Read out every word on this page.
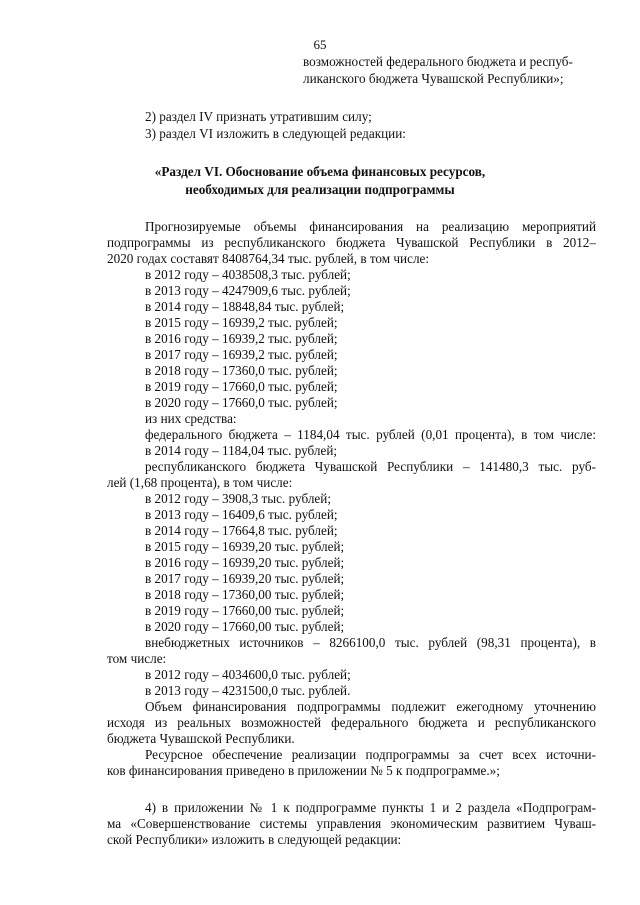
65
возможностей федерального бюджета и респуб-
ликанского бюджета Чувашской Республики»;
2) раздел IV признать утратившим силу;
3) раздел VI изложить в следующей редакции:
«Раздел VI. Обоснование объема финансовых ресурсов,
необходимых для реализации подпрограммы
Прогнозируемые объемы финансирования на реализацию мероприятий
подпрограммы из республиканского бюджета Чувашской Республики в 2012–
2020 годах составят 8408764,34 тыс. рублей, в том числе:
в 2012 году – 4038508,3 тыс. рублей;
в 2013 году – 4247909,6 тыс. рублей;
в 2014 году – 18848,84 тыс. рублей;
в 2015 году – 16939,2 тыс. рублей;
в 2016 году – 16939,2 тыс. рублей;
в 2017 году – 16939,2 тыс. рублей;
в 2018 году – 17360,0 тыс. рублей;
в 2019 году – 17660,0 тыс. рублей;
в 2020 году – 17660,0 тыс. рублей;
из них средства:
федерального бюджета – 1184,04 тыс. рублей (0,01 процента), в том числе:
в 2014 году – 1184,04 тыс. рублей;
республиканского бюджета Чувашской Республики – 141480,3 тыс. руб-
лей (1,68 процента), в том числе:
в 2012 году – 3908,3 тыс. рублей;
в 2013 году – 16409,6 тыс. рублей;
в 2014 году – 17664,8 тыс. рублей;
в 2015 году – 16939,20 тыс. рублей;
в 2016 году – 16939,20 тыс. рублей;
в 2017 году – 16939,20 тыс. рублей;
в 2018 году – 17360,00 тыс. рублей;
в 2019 году – 17660,00 тыс. рублей;
в 2020 году – 17660,00 тыс. рублей;
внебюджетных источников – 8266100,0 тыс. рублей (98,31 процента), в
том числе:
в 2012 году – 4034600,0 тыс. рублей;
в 2013 году – 4231500,0 тыс. рублей.
Объем финансирования подпрограммы подлежит ежегодному уточнению
исходя из реальных возможностей федерального бюджета и республиканского
бюджета Чувашской Республики.
Ресурсное обеспечение реализации подпрограммы за счет всех источни-
ков финансирования приведено в приложении № 5 к подпрограмме.»;
4) в приложении № 1 к подпрограмме пункты 1 и 2 раздела «Подпрограм-
ма «Совершенствование системы управления экономическим развитием Чуваш-
ской Республики» изложить в следующей редакции:
